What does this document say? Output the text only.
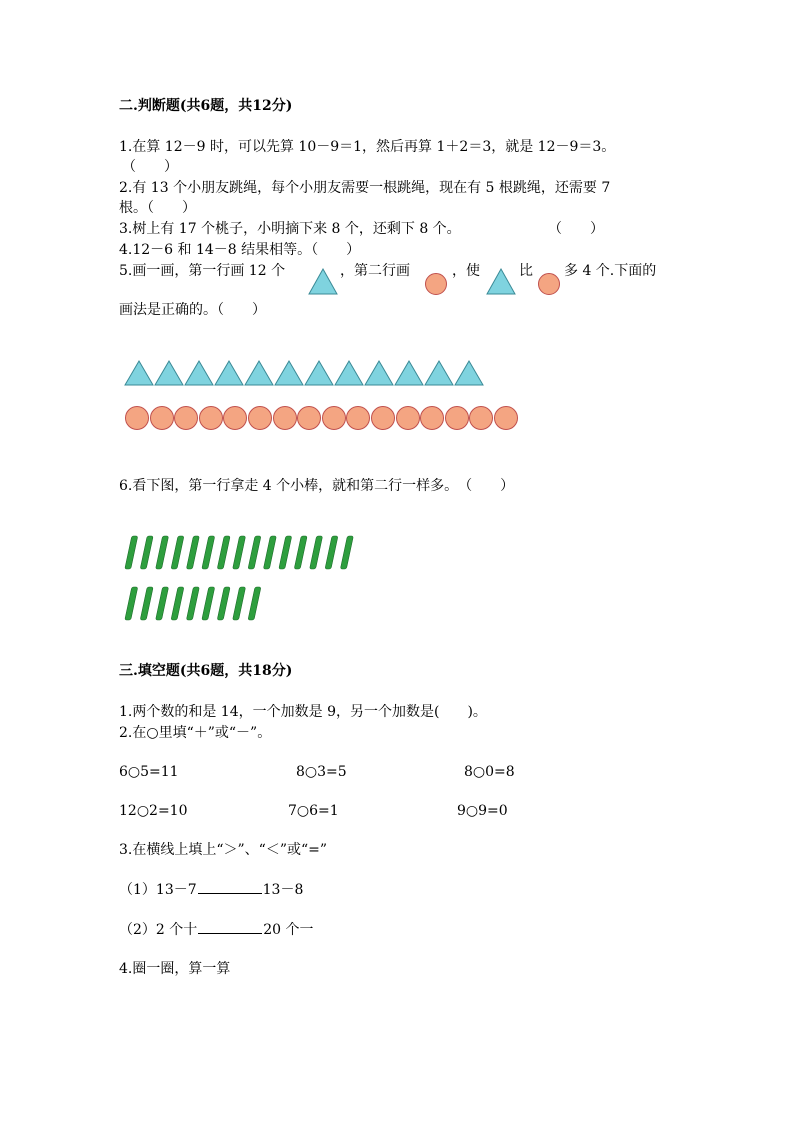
二.判断题(共6题，共12分)
1.在算 12－9 时，可以先算 10－9＝1，然后再算 1＋2＝3，就是 12－9＝3。
（　　）
2.有 13 个小朋友跳绳，每个小朋友需要一根跳绳，现在有 5 根跳绳，还需要 7
根。（　　）
3.树上有 17 个桃子，小明摘下来 8 个，还剩下 8 个。	（　　）
4.12－6 和 14－8 结果相等。（　　）
5.画一画，第一行画 12 个	，第二行画	，使	比 多 4 个.下面的
画法是正确的。（　　）
6.看下图，第一行拿走 4 个小棒，就和第二行一样多。　（　　）
三.填空题(共6题，共18分)
1.两个数的和是 14，一个加数是 9，另一个加数是(　　)。
2.在○里填“＋”或“－”。
6○5=11	8○3=5	8○0=8
12○2=10	7○6=1	9○9=0
3.在横线上填上“＞”、“＜”或“=”
（1）13－7	13－8
（2）2 个十	20 个一
4.圈一圈，算一算
